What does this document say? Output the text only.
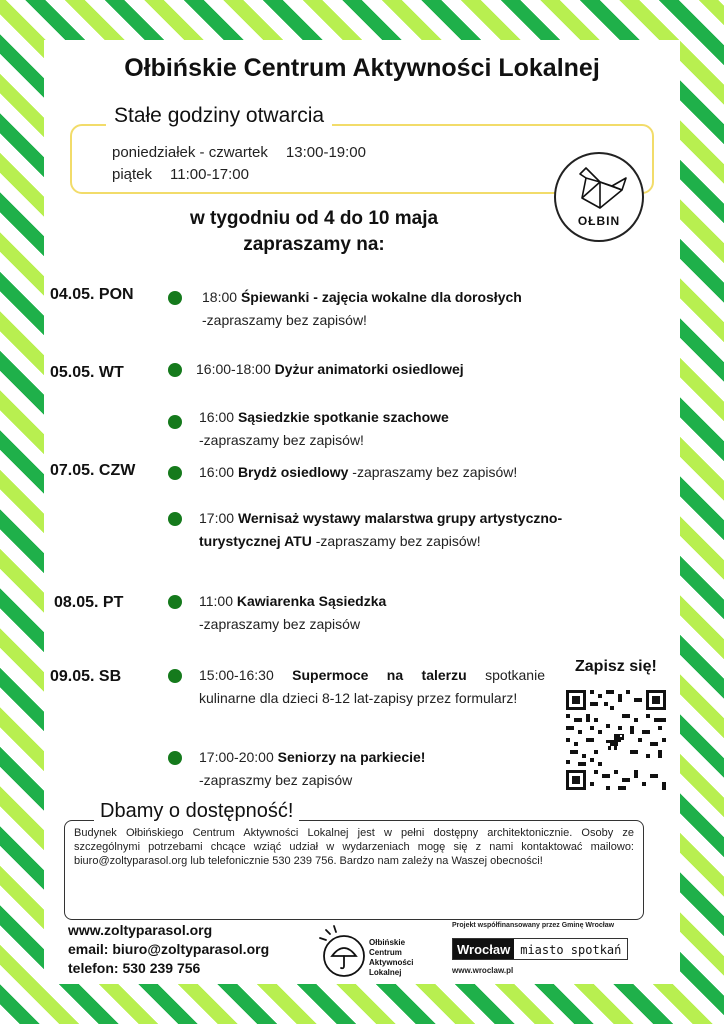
Ołbińskie Centrum Aktywności Lokalnej
Stałe godziny otwarcia
poniedziałek - czwartek 13:00-19:00
piątek 11:00-17:00
OŁBIN
w tygodniu od 4 do 10 maja
zapraszamy na:
04.05. PON
05.05. WT
07.05. CZW
08.05. PT
09.05. SB
18:00 Śpiewanki - zajęcia wokalne dla dorosłych
-zapraszamy bez zapisów!
16:00-18:00 Dyżur animatorki osiedlowej
16:00 Sąsiedzkie spotkanie szachowe
-zapraszamy bez zapisów!
16:00 Brydż osiedlowy -zapraszamy bez zapisów!
17:00 Wernisaż wystawy malarstwa grupy artystyczno-turystycznej ATU -zapraszamy bez zapisów!
11:00 Kawiarenka Sąsiedzka
-zapraszamy bez zapisów
15:00-16:30 Supermoce na talerzu spotkanie kulinarne dla dzieci 8-12 lat-zapisy przez formularz!
17:00-20:00 Seniorzy na parkiecie!
-zapraszmy bez zapisów
Zapisz się!
Dbamy o dostępność!
Budynek Ołbińskiego Centrum Aktywności Lokalnej jest w pełni dostępny architektonicznie. Osoby ze szczególnymi potrzebami chcące wziąć udział w wydarzeniach mogę się z nami kontaktować mailowo: biuro@zoltyparasol.org lub telefonicznie 530 239 756. Bardzo nam zależy na Waszej obecności!
www.zoltyparasol.org
email: biuro@zoltyparasol.org
telefon: 530 239 756
Ołbińskie Centrum Aktywności Lokalnej
Projekt współfinansowany przez Gminę Wrocław
Wrocław miasto spotkań
www.wroclaw.pl
